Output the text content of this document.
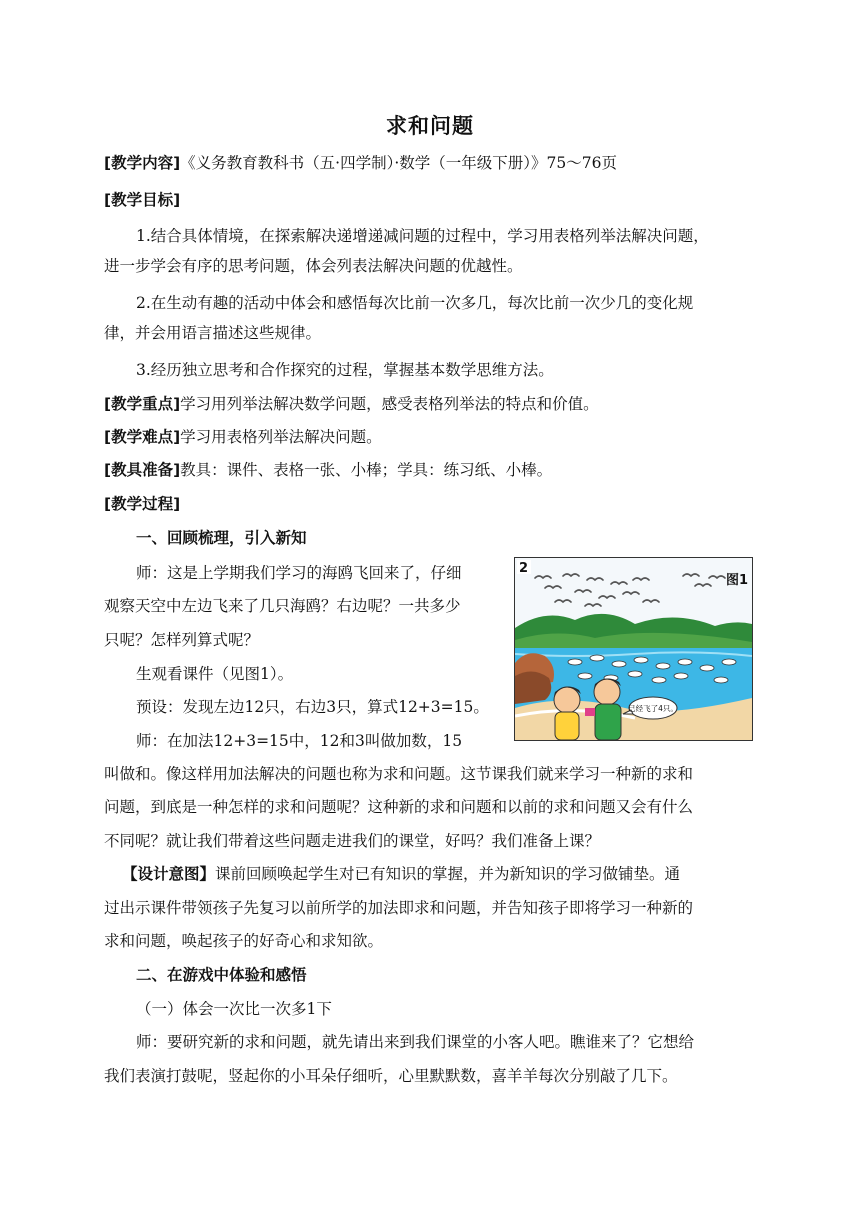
求和问题
[教学内容]《义务教育教科书（五·四学制）·数学（一年级下册）》75～76页
[教学目标]
1.结合具体情境，在探索解决递增递减问题的过程中，学习用表格列举法解决问题，
进一步学会有序的思考问题，体会列表法解决问题的优越性。
2.在生动有趣的活动中体会和感悟每次比前一次多几，每次比前一次少几的变化规
律，并会用语言描述这些规律。
3.经历独立思考和合作探究的过程，掌握基本数学思维方法。
[教学重点]学习用列举法解决数学问题，感受表格列举法的特点和价值。
[教学难点]学习用表格列举法解决问题。
[教具准备]教具：课件、表格一张、小棒；学具：练习纸、小棒。
[教学过程]
一、回顾梳理，引入新知
师：这是上学期我们学习的海鸥飞回来了，仔细
观察天空中左边飞来了几只海鸥？右边呢？一共多少
只呢？怎样列算式呢？
生观看课件（见图1）。
预设：发现左边12只，右边3只，算式12+3=15。
师：在加法12+3=15中，12和3叫做加数，15
叫做和。像这样用加法解决的问题也称为求和问题。这节课我们就来学习一种新的求和
问题，到底是一种怎样的求和问题呢？这种新的求和问题和以前的求和问题又会有什么
不同呢？就让我们带着这些问题走进我们的课堂，好吗？我们准备上课？
【设计意图】课前回顾唤起学生对已有知识的掌握，并为新知识的学习做铺垫。通
过出示课件带领孩子先复习以前所学的加法即求和问题，并告知孩子即将学习一种新的
求和问题，唤起孩子的好奇心和求知欲。
二、在游戏中体验和感悟
（一）体会一次比一次多1下
师：要研究新的求和问题，就先请出来到我们课堂的小客人吧。瞧谁来了？它想给
我们表演打鼓呢，竖起你的小耳朵仔细听，心里默默数，喜羊羊每次分别敲了几下。
已经飞了4只。
2
图1
